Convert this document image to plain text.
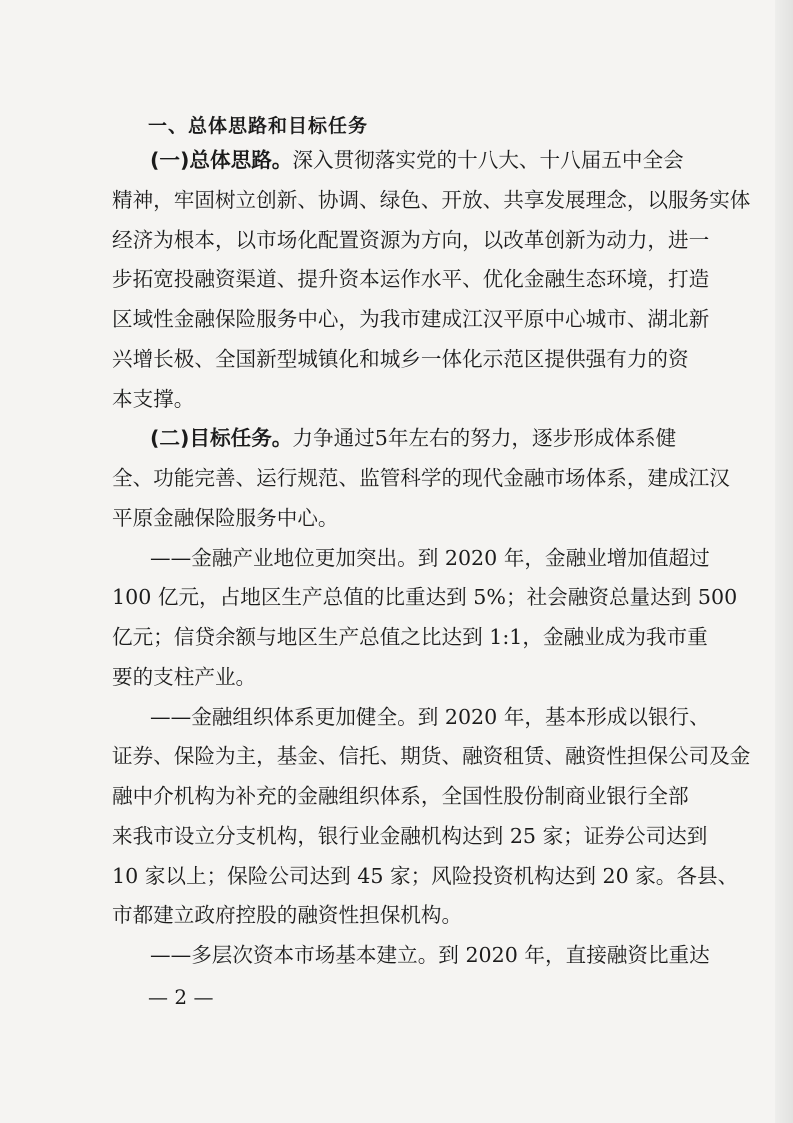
一、总体思路和目标任务
(一)总体思路。深入贯彻落实党的十八大、十八届五中全会
精神，牢固树立创新、协调、绿色、开放、共享发展理念，以服务实体
经济为根本，以市场化配置资源为方向，以改革创新为动力，进一
步拓宽投融资渠道、提升资本运作水平、优化金融生态环境，打造
区域性金融保险服务中心，为我市建成江汉平原中心城市、湖北新
兴增长极、全国新型城镇化和城乡一体化示范区提供强有力的资
本支撑。
(二)目标任务。力争通过5年左右的努力，逐步形成体系健
全、功能完善、运行规范、监管科学的现代金融市场体系，建成江汉
平原金融保险服务中心。
——金融产业地位更加突出。到 2020 年，金融业增加值超过
100 亿元，占地区生产总值的比重达到 5%；社会融资总量达到 500
亿元；信贷余额与地区生产总值之比达到 1:1，金融业成为我市重
要的支柱产业。
——金融组织体系更加健全。到 2020 年，基本形成以银行、
证券、保险为主，基金、信托、期货、融资租赁、融资性担保公司及金
融中介机构为补充的金融组织体系，全国性股份制商业银行全部
来我市设立分支机构，银行业金融机构达到 25 家；证券公司达到
10 家以上；保险公司达到 45 家；风险投资机构达到 20 家。各县、
市都建立政府控股的融资性担保机构。
——多层次资本市场基本建立。到 2020 年，直接融资比重达
— 2 —
